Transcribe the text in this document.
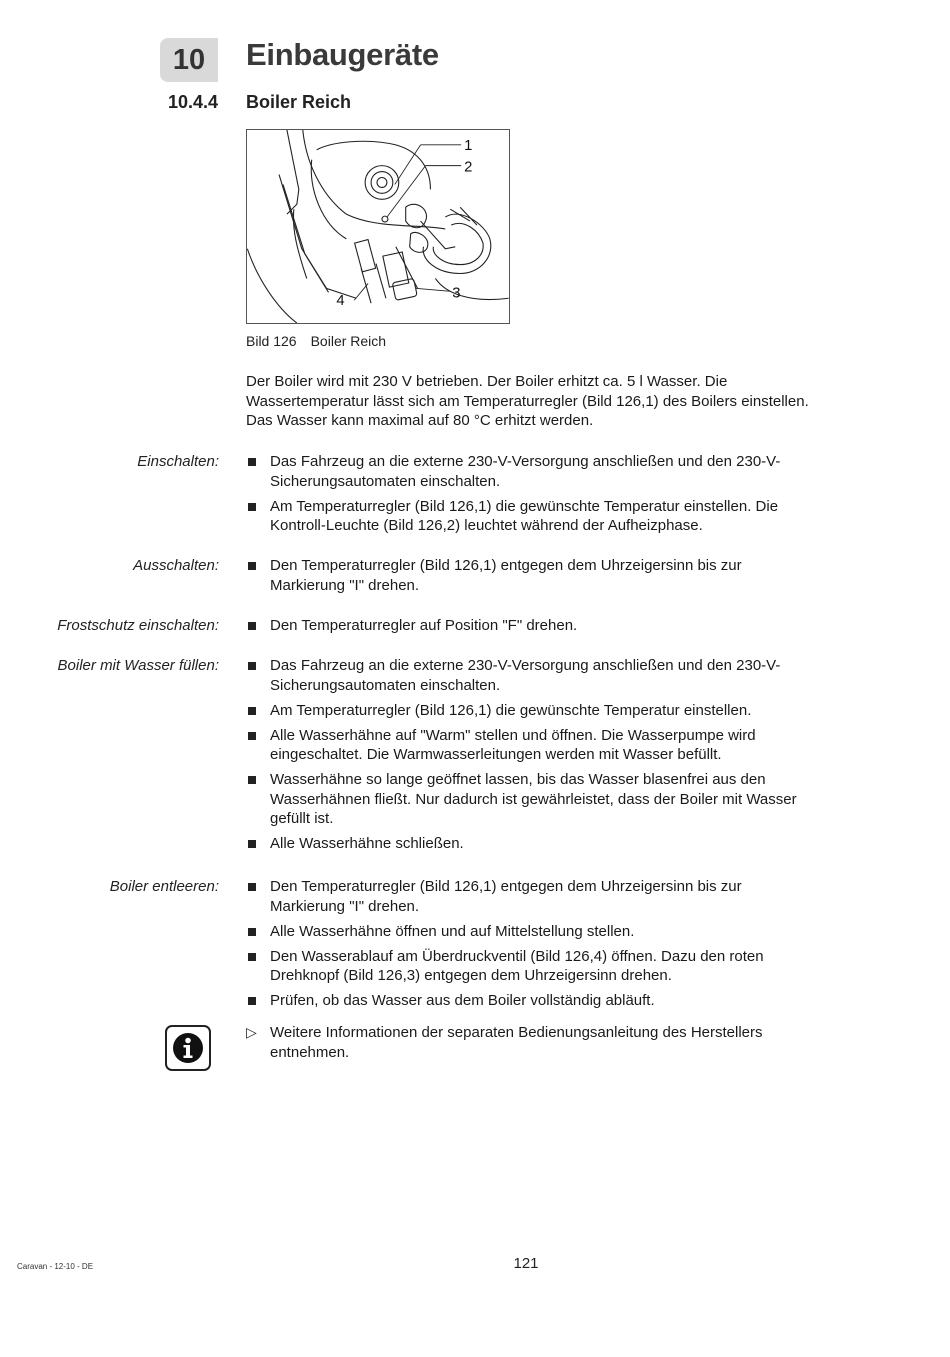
10	Einbaugeräte
10.4.4 Boiler Reich
1
2
3
4
Bild 126 Boiler Reich
Der Boiler wird mit 230 V betrieben. Der Boiler erhitzt ca. 5 l Wasser. Die Wassertemperatur lässt sich am Temperaturregler (Bild 126,1) des Boilers einstellen. Das Wasser kann maximal auf 80 °C erhitzt werden.
Einschalten:	Das Fahrzeug an die externe 230-V-Versorgung anschließen und den 230-V-Sicherungsautomaten einschalten.
Am Temperaturregler (Bild 126,1) die gewünschte Temperatur einstellen. Die Kontroll-Leuchte (Bild 126,2) leuchtet während der Aufheizphase.
Ausschalten:	Den Temperaturregler (Bild 126,1) entgegen dem Uhrzeigersinn bis zur Markierung "I" drehen.
Frostschutz einschalten:	Den Temperaturregler auf Position "F" drehen.
Boiler mit Wasser füllen:	Das Fahrzeug an die externe 230-V-Versorgung anschließen und den 230-V-Sicherungsautomaten einschalten.
Am Temperaturregler (Bild 126,1) die gewünschte Temperatur einstellen.
Alle Wasserhähne auf "Warm" stellen und öffnen. Die Wasserpumpe wird eingeschaltet. Die Warmwasserleitungen werden mit Wasser befüllt.
Wasserhähne so lange geöffnet lassen, bis das Wasser blasenfrei aus den Wasserhähnen fließt. Nur dadurch ist gewährleistet, dass der Boiler mit Wasser gefüllt ist.
Alle Wasserhähne schließen.
Boiler entleeren:	Den Temperaturregler (Bild 126,1) entgegen dem Uhrzeigersinn bis zur Markierung "I" drehen.
Alle Wasserhähne öffnen und auf Mittelstellung stellen.
Den Wasserablauf am Überdruckventil (Bild 126,4) öffnen. Dazu den roten Drehknopf (Bild 126,3) entgegen dem Uhrzeigersinn drehen.
Prüfen, ob das Wasser aus dem Boiler vollständig abläuft.
▷ Weitere Informationen der separaten Bedienungsanleitung des Herstellers entnehmen.
Caravan - 12-10 - DE	121
